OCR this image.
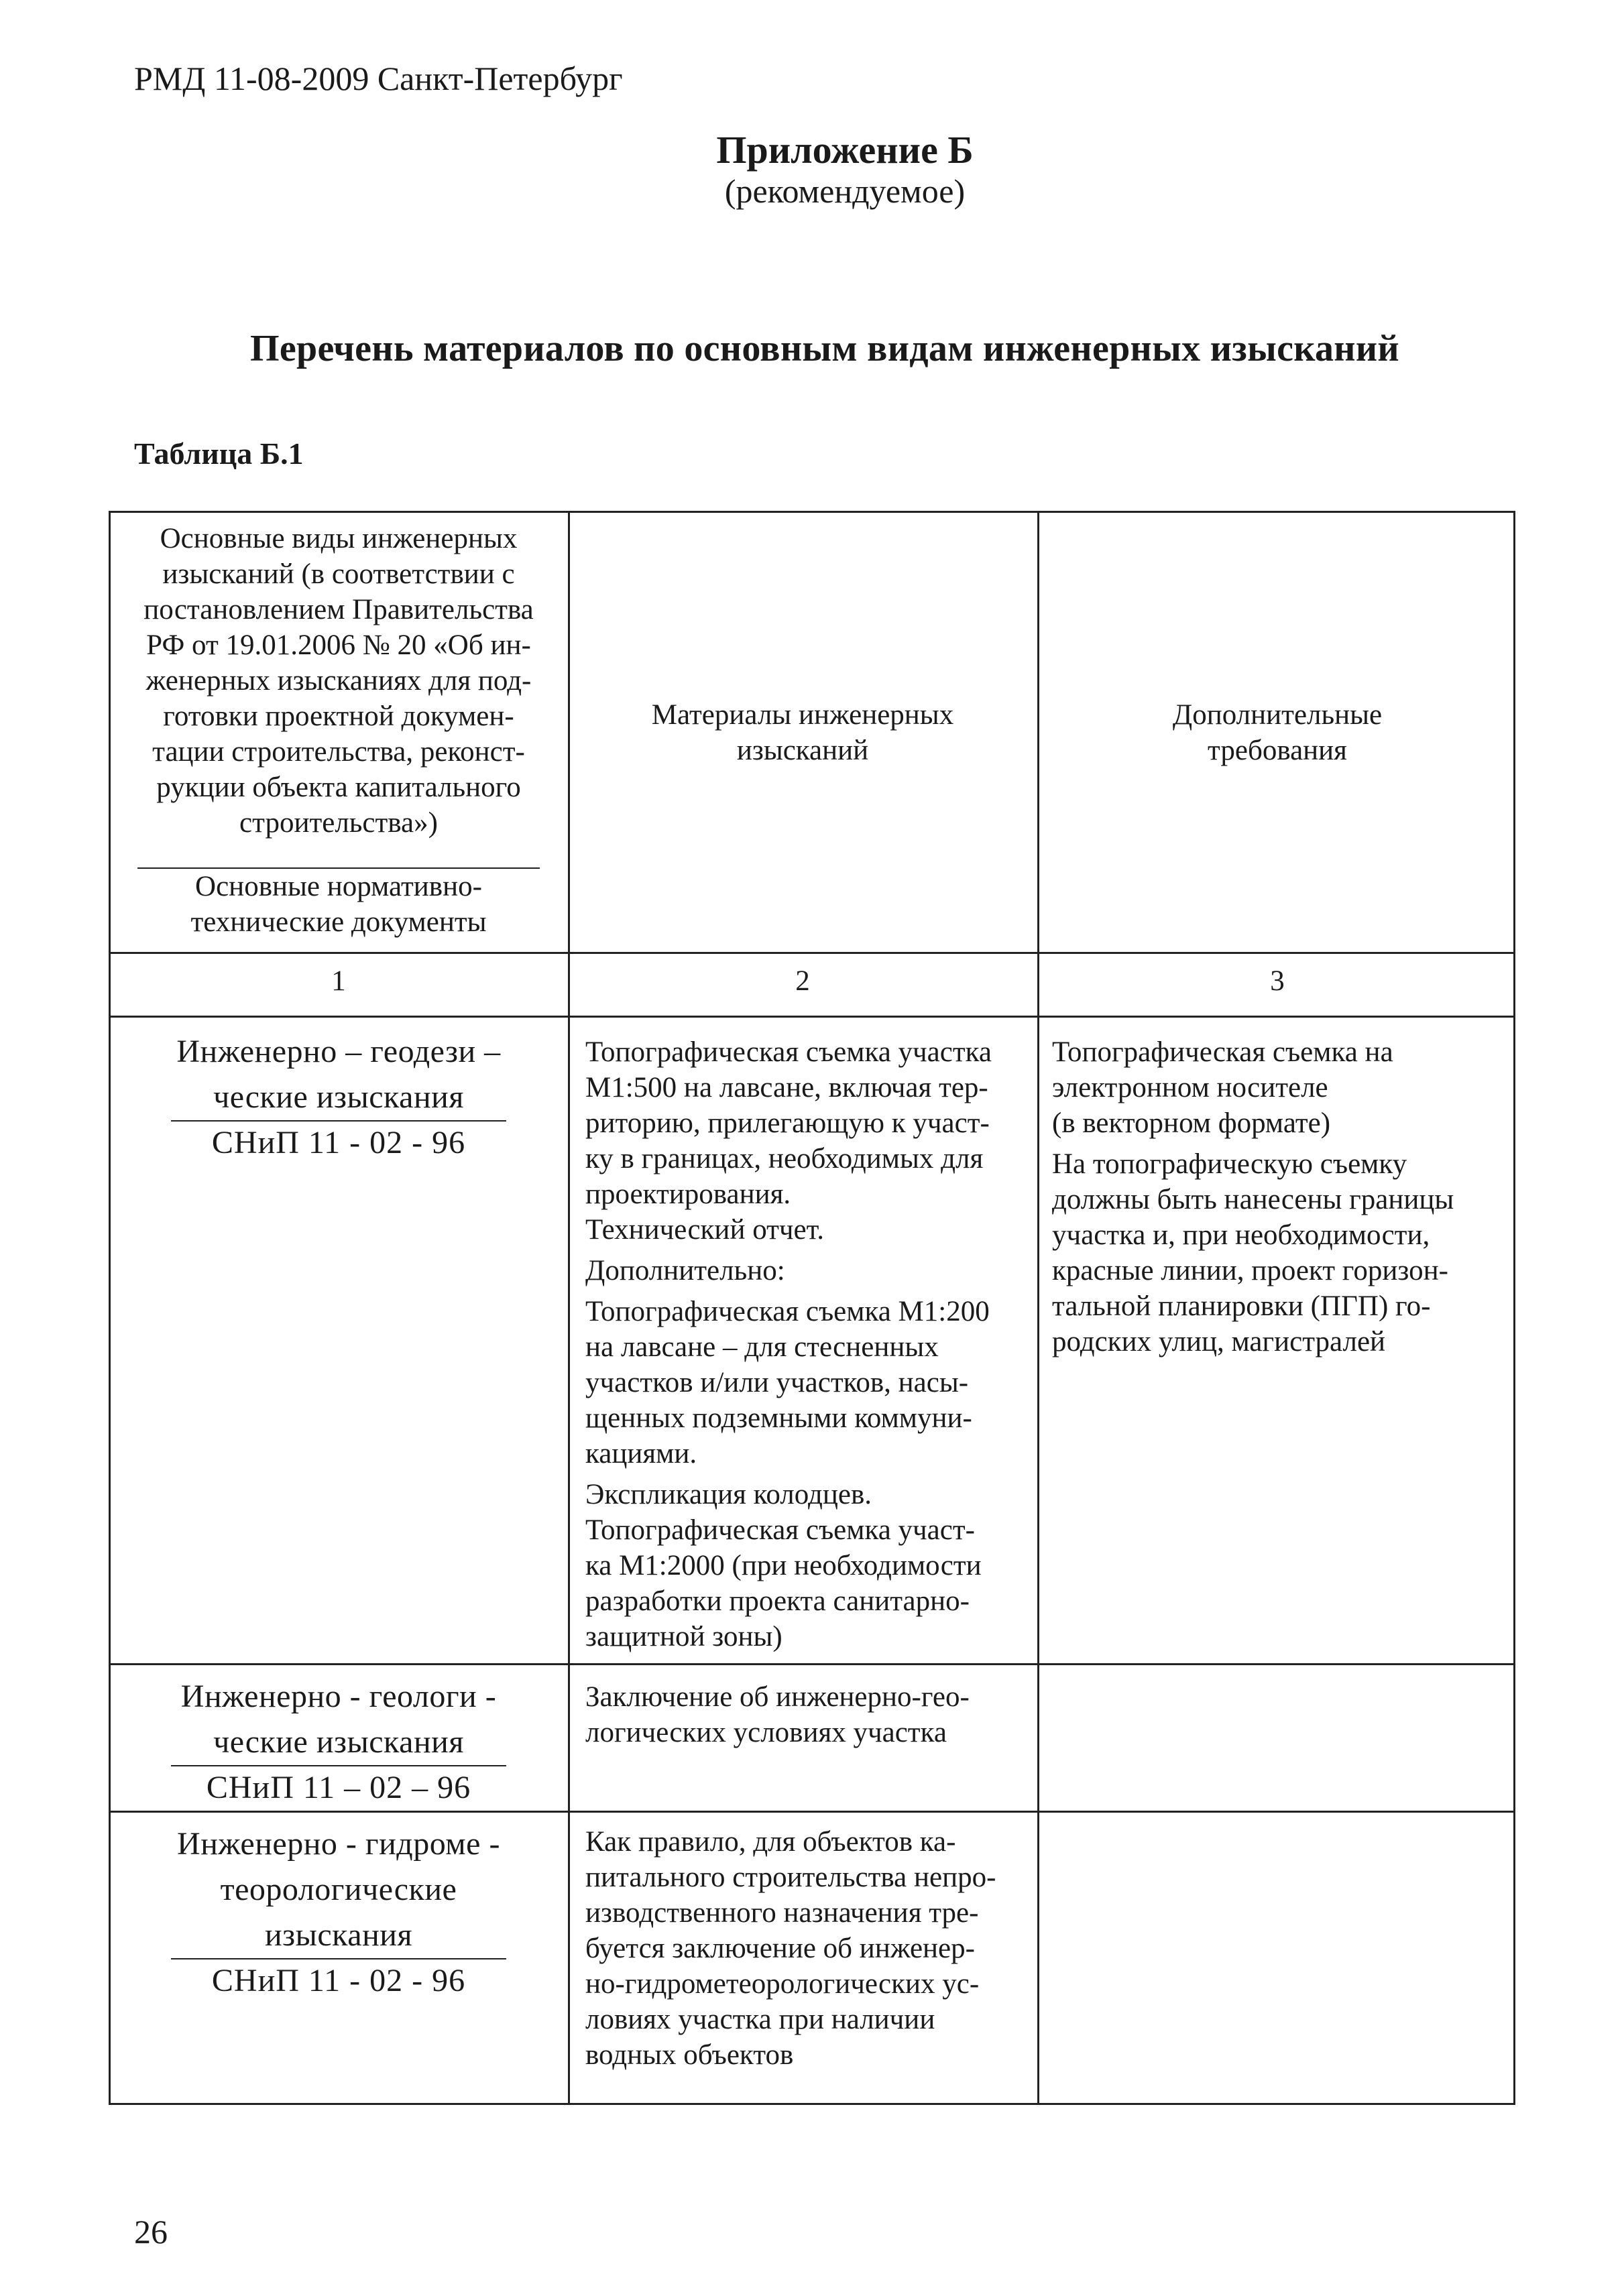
РМД 11-08-2009 Санкт-Петербург
Приложение Б
(рекомендуемое)
Перечень материалов по основным видам инженерных изысканий
Таблица Б.1

Основные виды инженерных

изысканий (в соответствии с

постановлением Правительства

РФ от 19.01.2006 № 20 «Об ин-

женерных изысканиях для под-

готовки проектной докумен-

тации строительства, реконст-

рукции объекта капитального

строительства»)

Основные нормативно-

технические документы

Материалы инженерных

изысканий

Дополнительные

требования

1	2	3

Инженерно – геодези –

ческие изыскания

СНиП 11 - 02 - 96

Топографическая съемка участка

М1:500 на лавсане, включая тер-

риторию, прилегающую к участ-

ку в границах, необходимых для

проектирования.

Технический отчет.

Дополнительно:

Топографическая съемка М1:200

на лавсане – для стесненных

участков и/или участков, насы-

щенных подземными коммуни-

кациями.

Экспликация колодцев.

Топографическая съемка участ-

ка М1:2000 (при необходимости

разработки проекта санитарно-

защитной зоны)

Топографическая съемка на

электронном носителе

(в векторном формате)

На топографическую съемку

должны быть нанесены границы

участка и, при необходимости,

красные линии, проект горизон-

тальной планировки (ПГП) го-

родских улиц, магистралей

Инженерно - геологи -

ческие изыскания

СНиП 11 – 02 – 96

Заключение об инженерно-гео-

логических условиях участка

Инженерно - гидроме -

теорологические

изыскания

СНиП 11 - 02 - 96

Как правило, для объектов ка-

питального строительства непро-

изводственного назначения тре-

буется заключение об инженер-

но-гидрометеорологических ус-

ловиях участка при наличии

водных объектов

26
